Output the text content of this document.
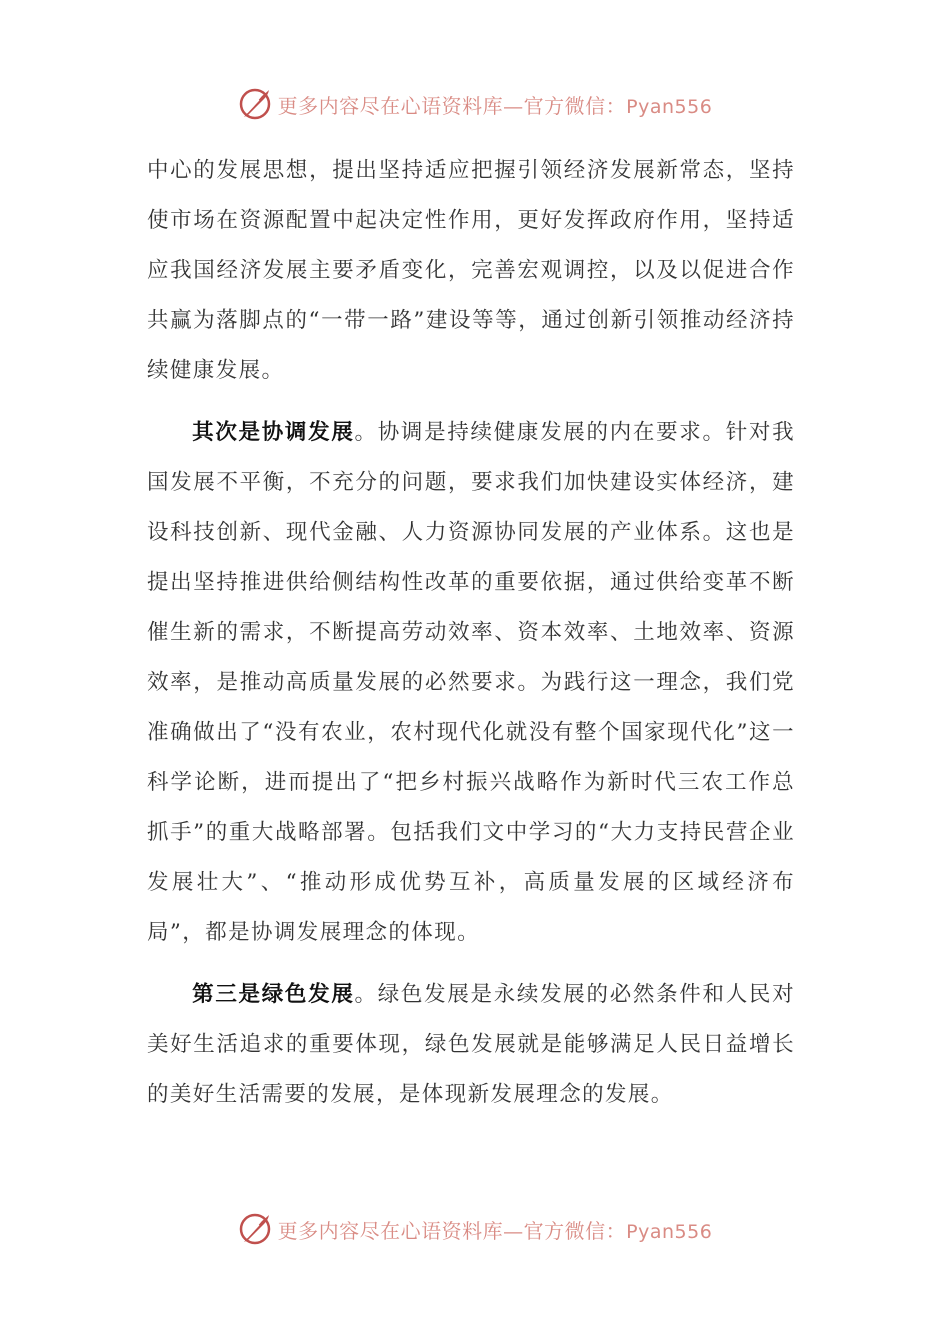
更多内容尽在心语资料库—官方微信：Pyan556

中心的发展思想，提出坚持适应把握引领经济发展新常态，坚持使市场在资源配置中起决定性作用，更好发挥政府作用，坚持适应我国经济发展主要矛盾变化，完善宏观调控，以及以促进合作共赢为落脚点的“一带一路”建设等等，通过创新引领推动经济持续健康发展。

其次是协调发展。协调是持续健康发展的内在要求。针对我国发展不平衡，不充分的问题，要求我们加快建设实体经济，建设科技创新、现代金融、人力资源协同发展的产业体系。这也是提出坚持推进供给侧结构性改革的重要依据，通过供给变革不断催生新的需求，不断提高劳动效率、资本效率、土地效率、资源效率，是推动高质量发展的必然要求。为践行这一理念，我们党准确做出了“没有农业，农村现代化就没有整个国家现代化”这一科学论断，进而提出了“把乡村振兴战略作为新时代三农工作总抓手”的重大战略部署。包括我们文中学习的“大力支持民营企业发展壮大”、“推动形成优势互补，高质量发展的区域经济布局”，都是协调发展理念的体现。

第三是绿色发展。绿色发展是永续发展的必然条件和人民对美好生活追求的重要体现，绿色发展就是能够满足人民日益增长的美好生活需要的发展，是体现新发展理念的发展。

更多内容尽在心语资料库—官方微信：Pyan556
